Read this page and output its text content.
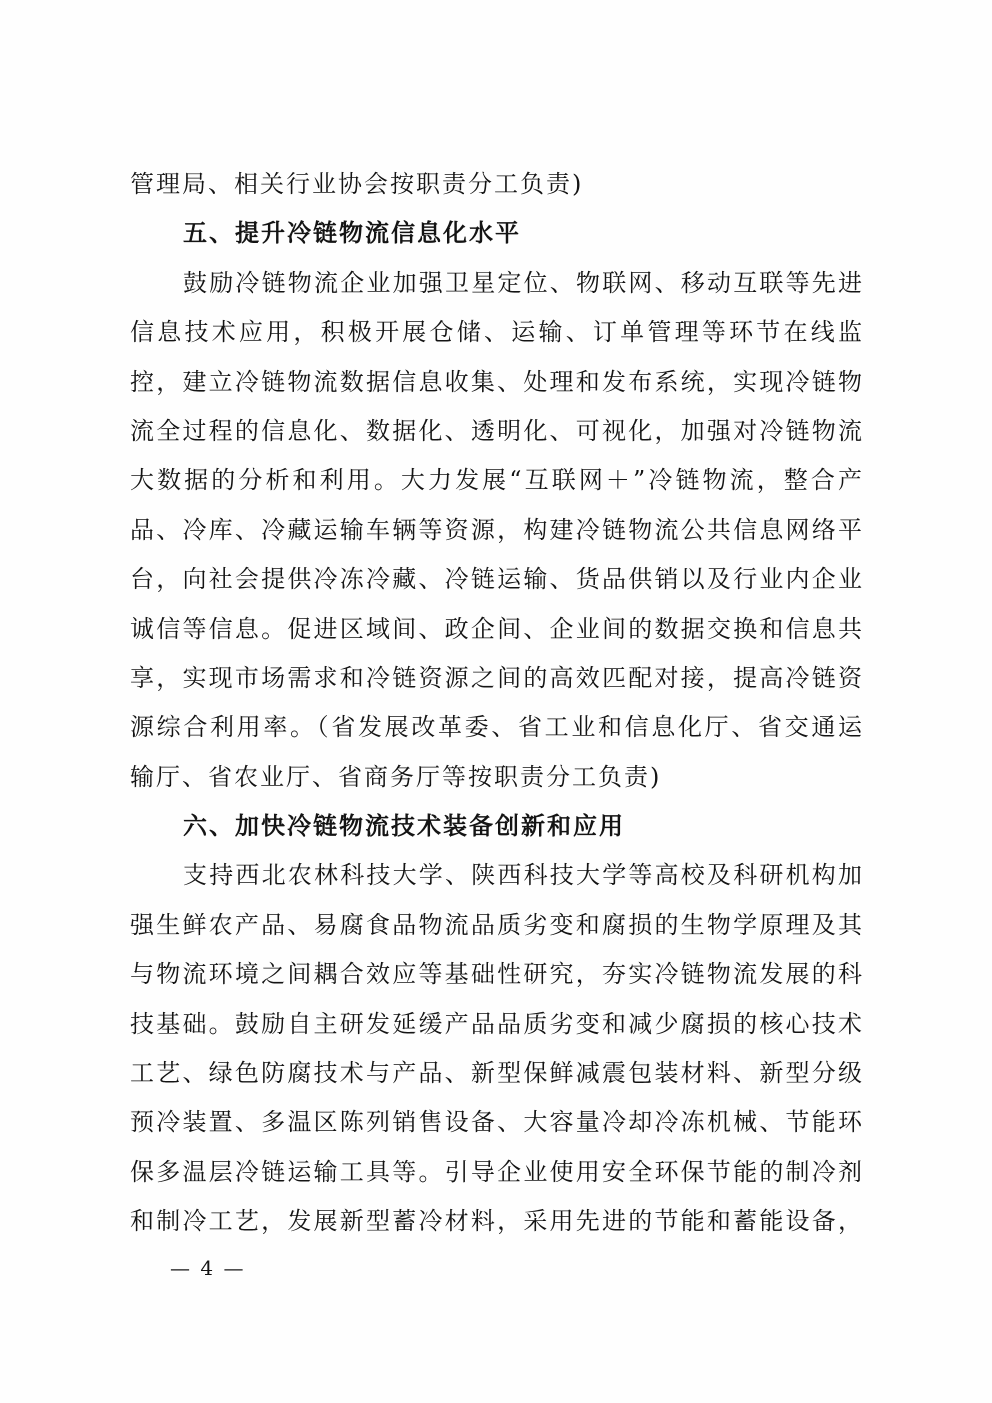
管理局、相关行业协会按职责分工负责)
五、提升冷链物流信息化水平
鼓励冷链物流企业加强卫星定位、物联网、移动互联等先进
信息技术应用，积极开展仓储、运输、订单管理等环节在线监
控，建立冷链物流数据信息收集、处理和发布系统，实现冷链物
流全过程的信息化、数据化、透明化、可视化，加强对冷链物流
大数据的分析和利用。大力发展“互联网＋”冷链物流，整合产
品、冷库、冷藏运输车辆等资源，构建冷链物流公共信息网络平
台，向社会提供冷冻冷藏、冷链运输、货品供销以及行业内企业
诚信等信息。促进区域间、政企间、企业间的数据交换和信息共
享，实现市场需求和冷链资源之间的高效匹配对接，提高冷链资
源综合利用率。（省发展改革委、省工业和信息化厅、省交通运
输厅、省农业厅、省商务厅等按职责分工负责)
六、加快冷链物流技术装备创新和应用
支持西北农林科技大学、陕西科技大学等高校及科研机构加
强生鲜农产品、易腐食品物流品质劣变和腐损的生物学原理及其
与物流环境之间耦合效应等基础性研究，夯实冷链物流发展的科
技基础。鼓励自主研发延缓产品品质劣变和减少腐损的核心技术
工艺、绿色防腐技术与产品、新型保鲜减震包装材料、新型分级
预冷装置、多温区陈列销售设备、大容量冷却冷冻机械、节能环
保多温层冷链运输工具等。引导企业使用安全环保节能的制冷剂
和制冷工艺，发展新型蓄冷材料，采用先进的节能和蓄能设备，
— 4 —
